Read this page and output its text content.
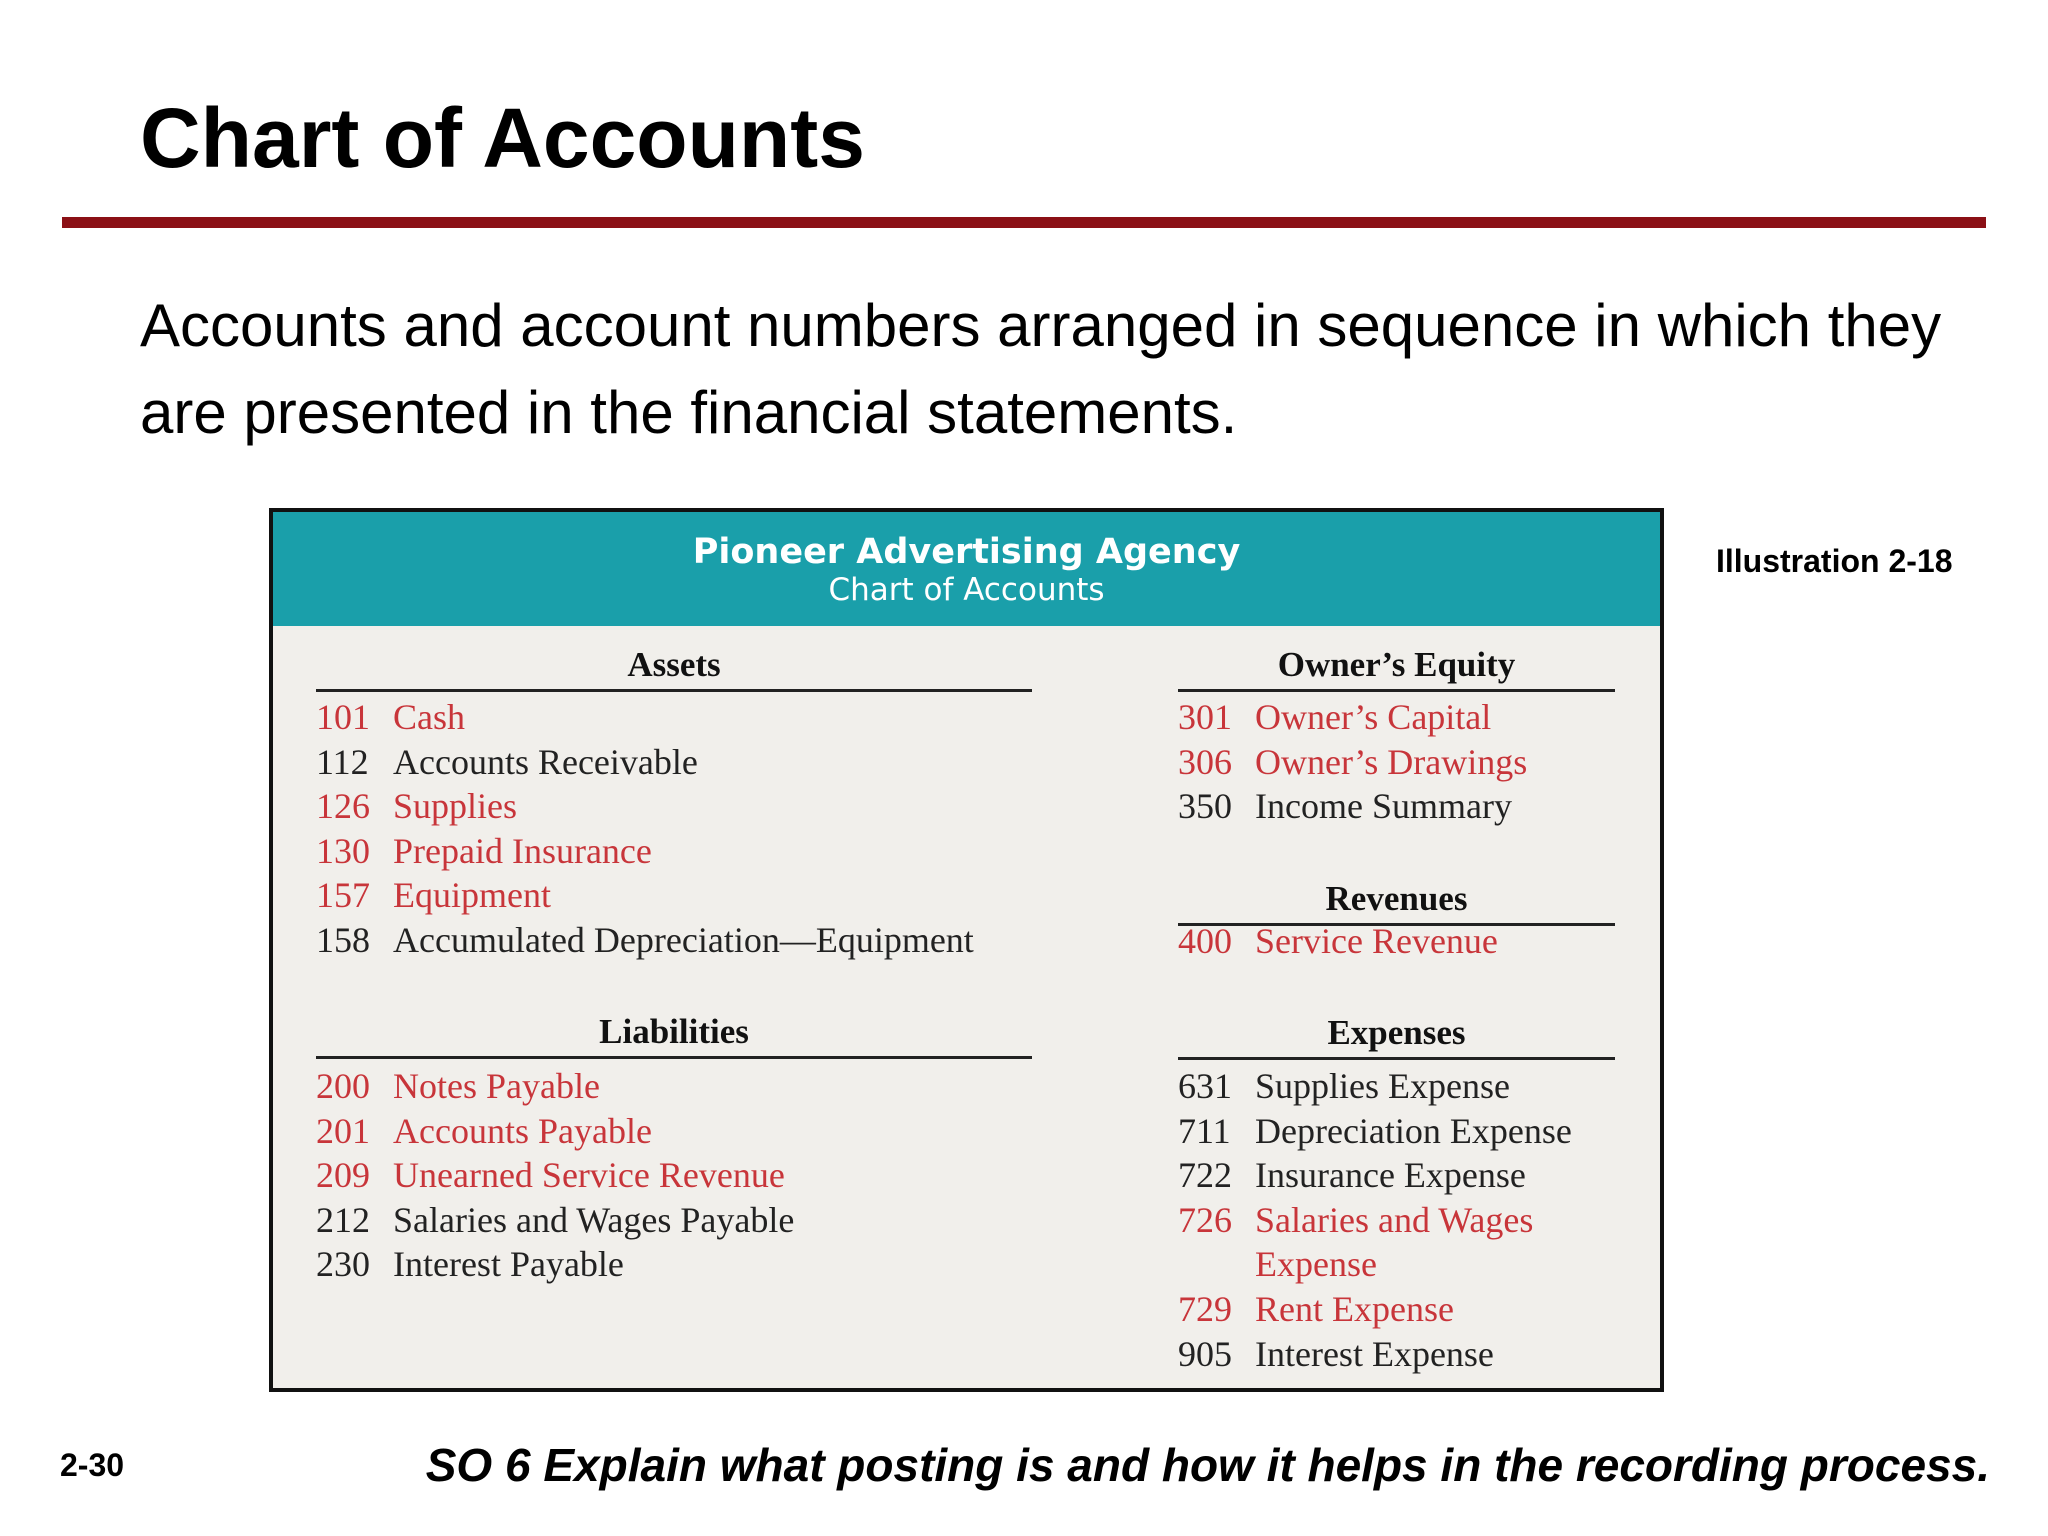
Chart of Accounts

Accounts and account numbers arranged in sequence in which they are presented in the financial statements.

Pioneer Advertising Agency
Chart of Accounts
Assets
101 Cash
112 Accounts Receivable
126 Supplies
130 Prepaid Insurance
157 Equipment
158 Accumulated Depreciation—Equipment
Liabilities
200 Notes Payable
201 Accounts Payable
209 Unearned Service Revenue
212 Salaries and Wages Payable
230 Interest Payable
Owner’s Equity
301 Owner’s Capital
306 Owner’s Drawings
350 Income Summary
Revenues
400 Service Revenue
Expenses
631 Supplies Expense
711 Depreciation Expense
722 Insurance Expense
726 Salaries and Wages
Expense
729 Rent Expense
905 Interest Expense
Illustration 2-18
2-30	SO 6 Explain what posting is and how it helps in the recording process.
